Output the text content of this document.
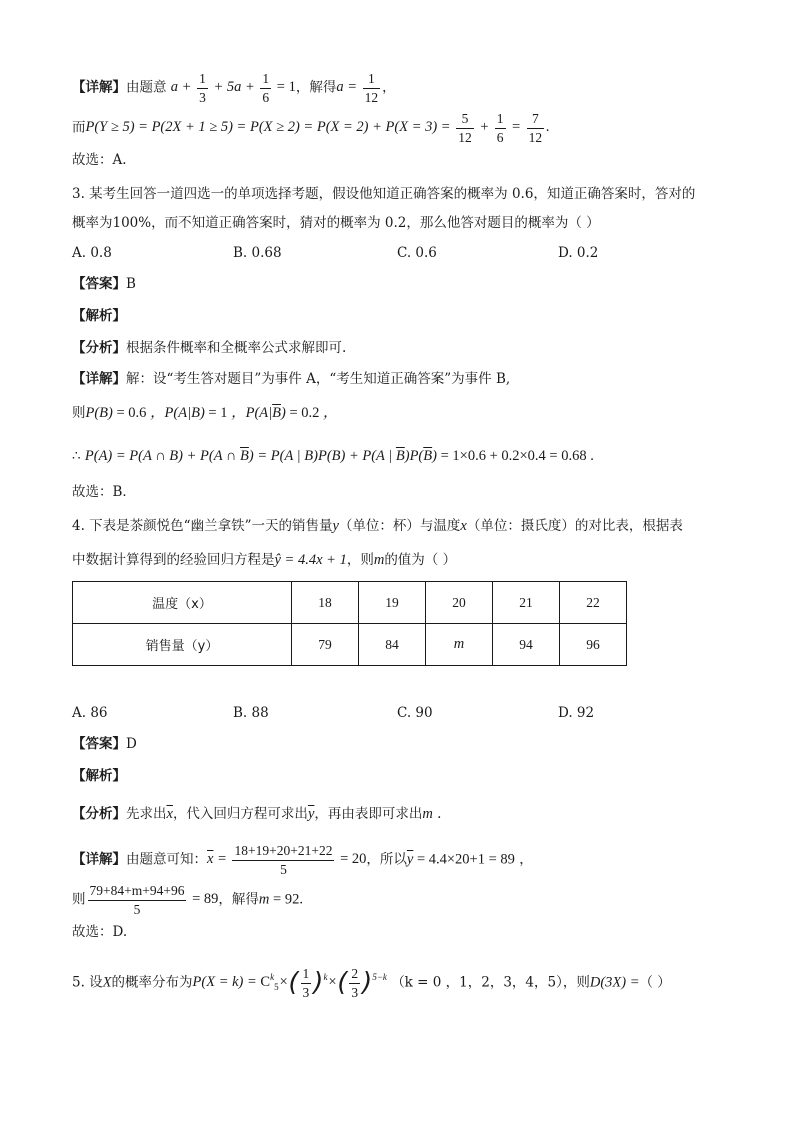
【详解】由题意 $a + \frac{1}{3} + 5a + \frac{1}{6} = 1$，解得$a = \frac{1}{12}$ ，
而$P(Y \ge 5) = P(2X + 1 \ge 5) = P(X \ge 2) = P(X = 2) + P(X = 3) = \frac{5}{12} + \frac{1}{6} = \frac{7}{12}$ .
故选：A.
3. 某考生回答一道四选一的单项选择考题，假设他知道正确答案的概率为 0.6，知道正确答案时，答对的
概率为100%，而不知道正确答案时，猜对的概率为 0.2，那么他答对题目的概率为（ ）
A. 0.8	B. 0.68	C. 0.6	D. 0.2
【答案】B
【解析】
【分析】根据条件概率和全概率公式求解即可.
【详解】解：设“考生答对题目”为事件 A，“考生知道正确答案”为事件 B,
则P(B) = 0.6 ，P(A|B) = 1 ，$P(A|\overline{B}) = 0.2$ ，
∴ P(A) = P(A ∩ B) + P(A ∩ $\overline{B}) = P(A$ | B)P(B) + P(A | $\overline{B})P(\overline{B}) = 1\times 0.6 + 0.2\times 0.4 = 0.68$ .
故选：B．
4. 下表是茶颜悦色“幽兰拿铁”一天的销售量y（单位：杯）与温度x（单位：摄氏度）的对比表，根据表
中数据计算得到的经验回归方程是ŷ = 4.4x + 1，则m的值为（ ）
温度（x）	18	19	20	21	22
销售量（y）	79	84	m	94	96
A. 86	B. 88	C. 90	D. 92
【答案】D
【解析】
【分析】先求出$\overline{x}$，代入回归方程可求出$\overline{y}$，再由表即可求出m .
【详解】由题意可知：$\overline{x} = \frac{18+19+20+21+22}{5} = 20$，所以$\overline{y} = 4.4\times 20+1 = 89$ ，
则 $\frac{79+84+m+94+96}{5} = 89$，解得m = 92.
故选：D.
5. 设X的概率分布为$P(X = k) = C^k_5\times( \frac{1}{3} )^k\times( \frac{2}{3} )^{5-k}$ （k = 0 ，1，2，3，4，5），则D(3X) =（ ）
